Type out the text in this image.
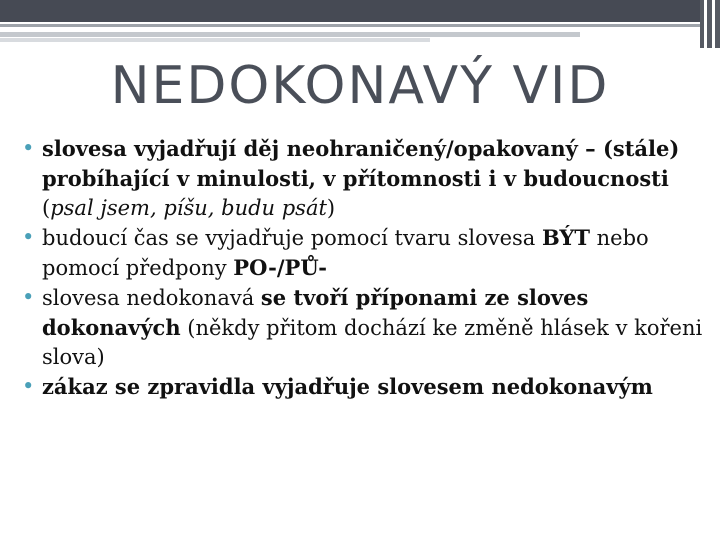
NEDOKONAVÝ VID

• slovesa vyjadřují děj neohraničený/opakovaný – (stále) probíhající v minulosti, v přítomnosti i v budoucnosti (psal jsem, píšu, budu psát)

• budoucí čas se vyjadřuje pomocí tvaru slovesa BÝT nebo pomocí předpony PO-/PŮ-

• slovesa nedokonavá se tvoří příponami ze sloves dokonavých (někdy přitom dochází ke změně hlásek v kořeni slova)

• zákaz se zpravidla vyjadřuje slovesem nedokonavým
